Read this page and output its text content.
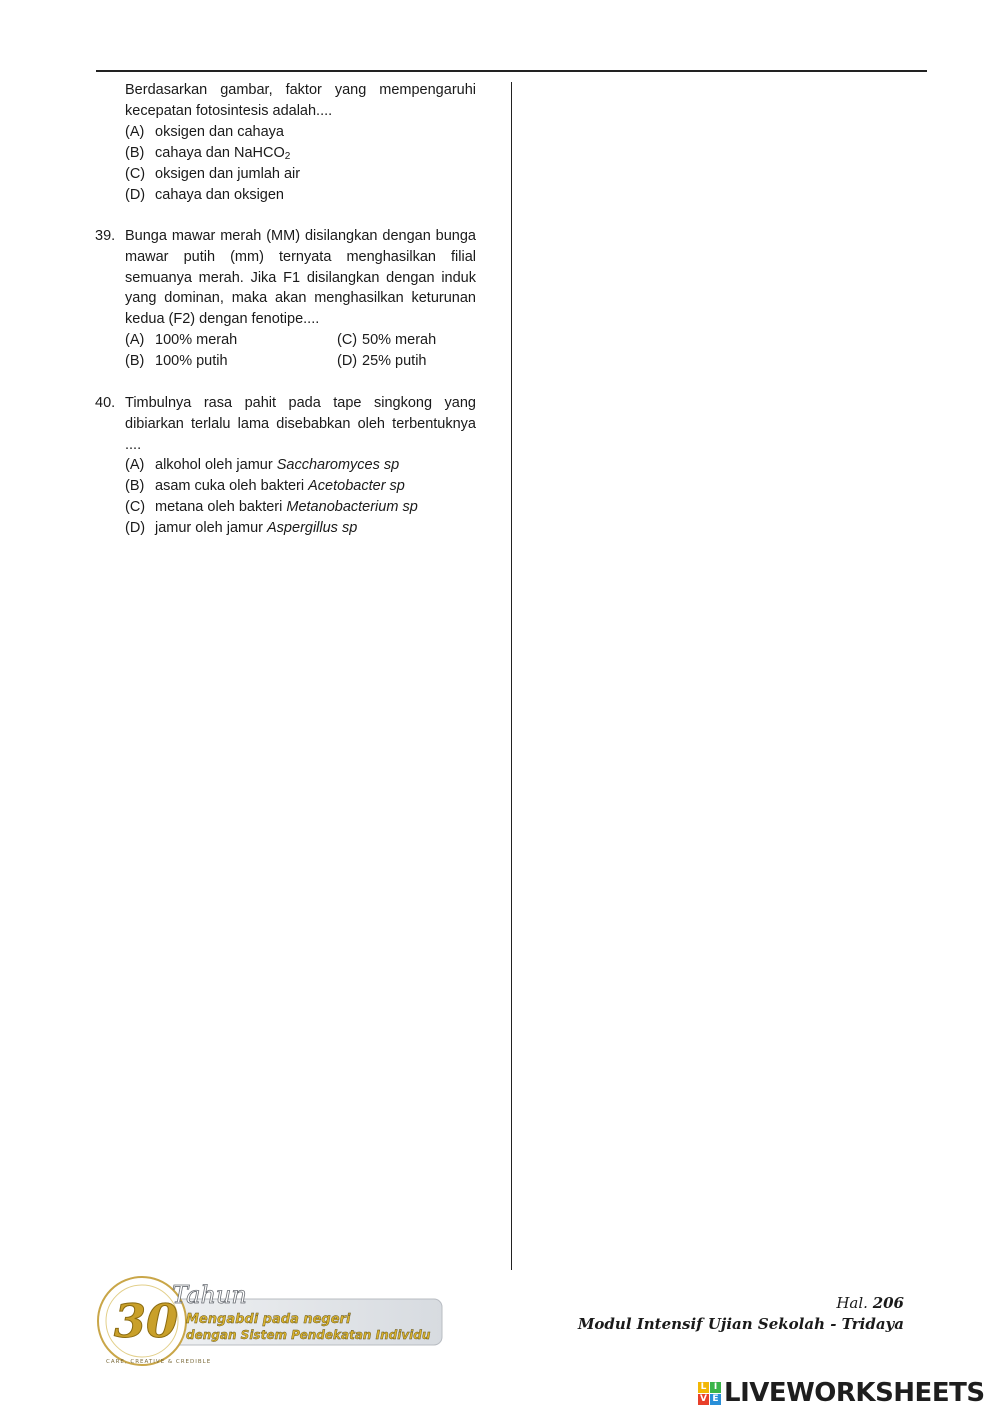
Berdasarkan gambar, faktor yang mempengaruhi kecepatan fotosintesis adalah....
(A) oksigen dan cahaya
(B) cahaya dan NaHCO$_2$
(C) oksigen dan jumlah air
(D) cahaya dan oksigen
39. Bunga mawar merah (MM) disilangkan dengan bunga mawar putih (mm) ternyata menghasilkan filial semuanya merah. Jika F1 disilangkan dengan induk yang dominan, maka akan menghasilkan keturunan kedua (F2) dengan fenotipe....
(A) 100% merah	(C) 50% merah
(B) 100% putih	(D) 25% putih
40. Timbulnya rasa pahit pada tape singkong yang dibiarkan terlalu lama disebabkan oleh terbentuknya ....
(A) alkohol oleh jamur Saccharomyces sp
(B) asam cuka oleh bakteri Acetobacter sp
(C) metana oleh bakteri Metanobacterium sp
(D) jamur oleh jamur Aspergillus sp
30
Tahun
Mengabdi pada negeri
dengan Sistem Pendekatan Individu
CARE, CREATIVE & CREDIBLE
Hal. 206
Modul Intensif Ujian Sekolah - Tridaya
L I
V E LIVEWORKSHEETS
